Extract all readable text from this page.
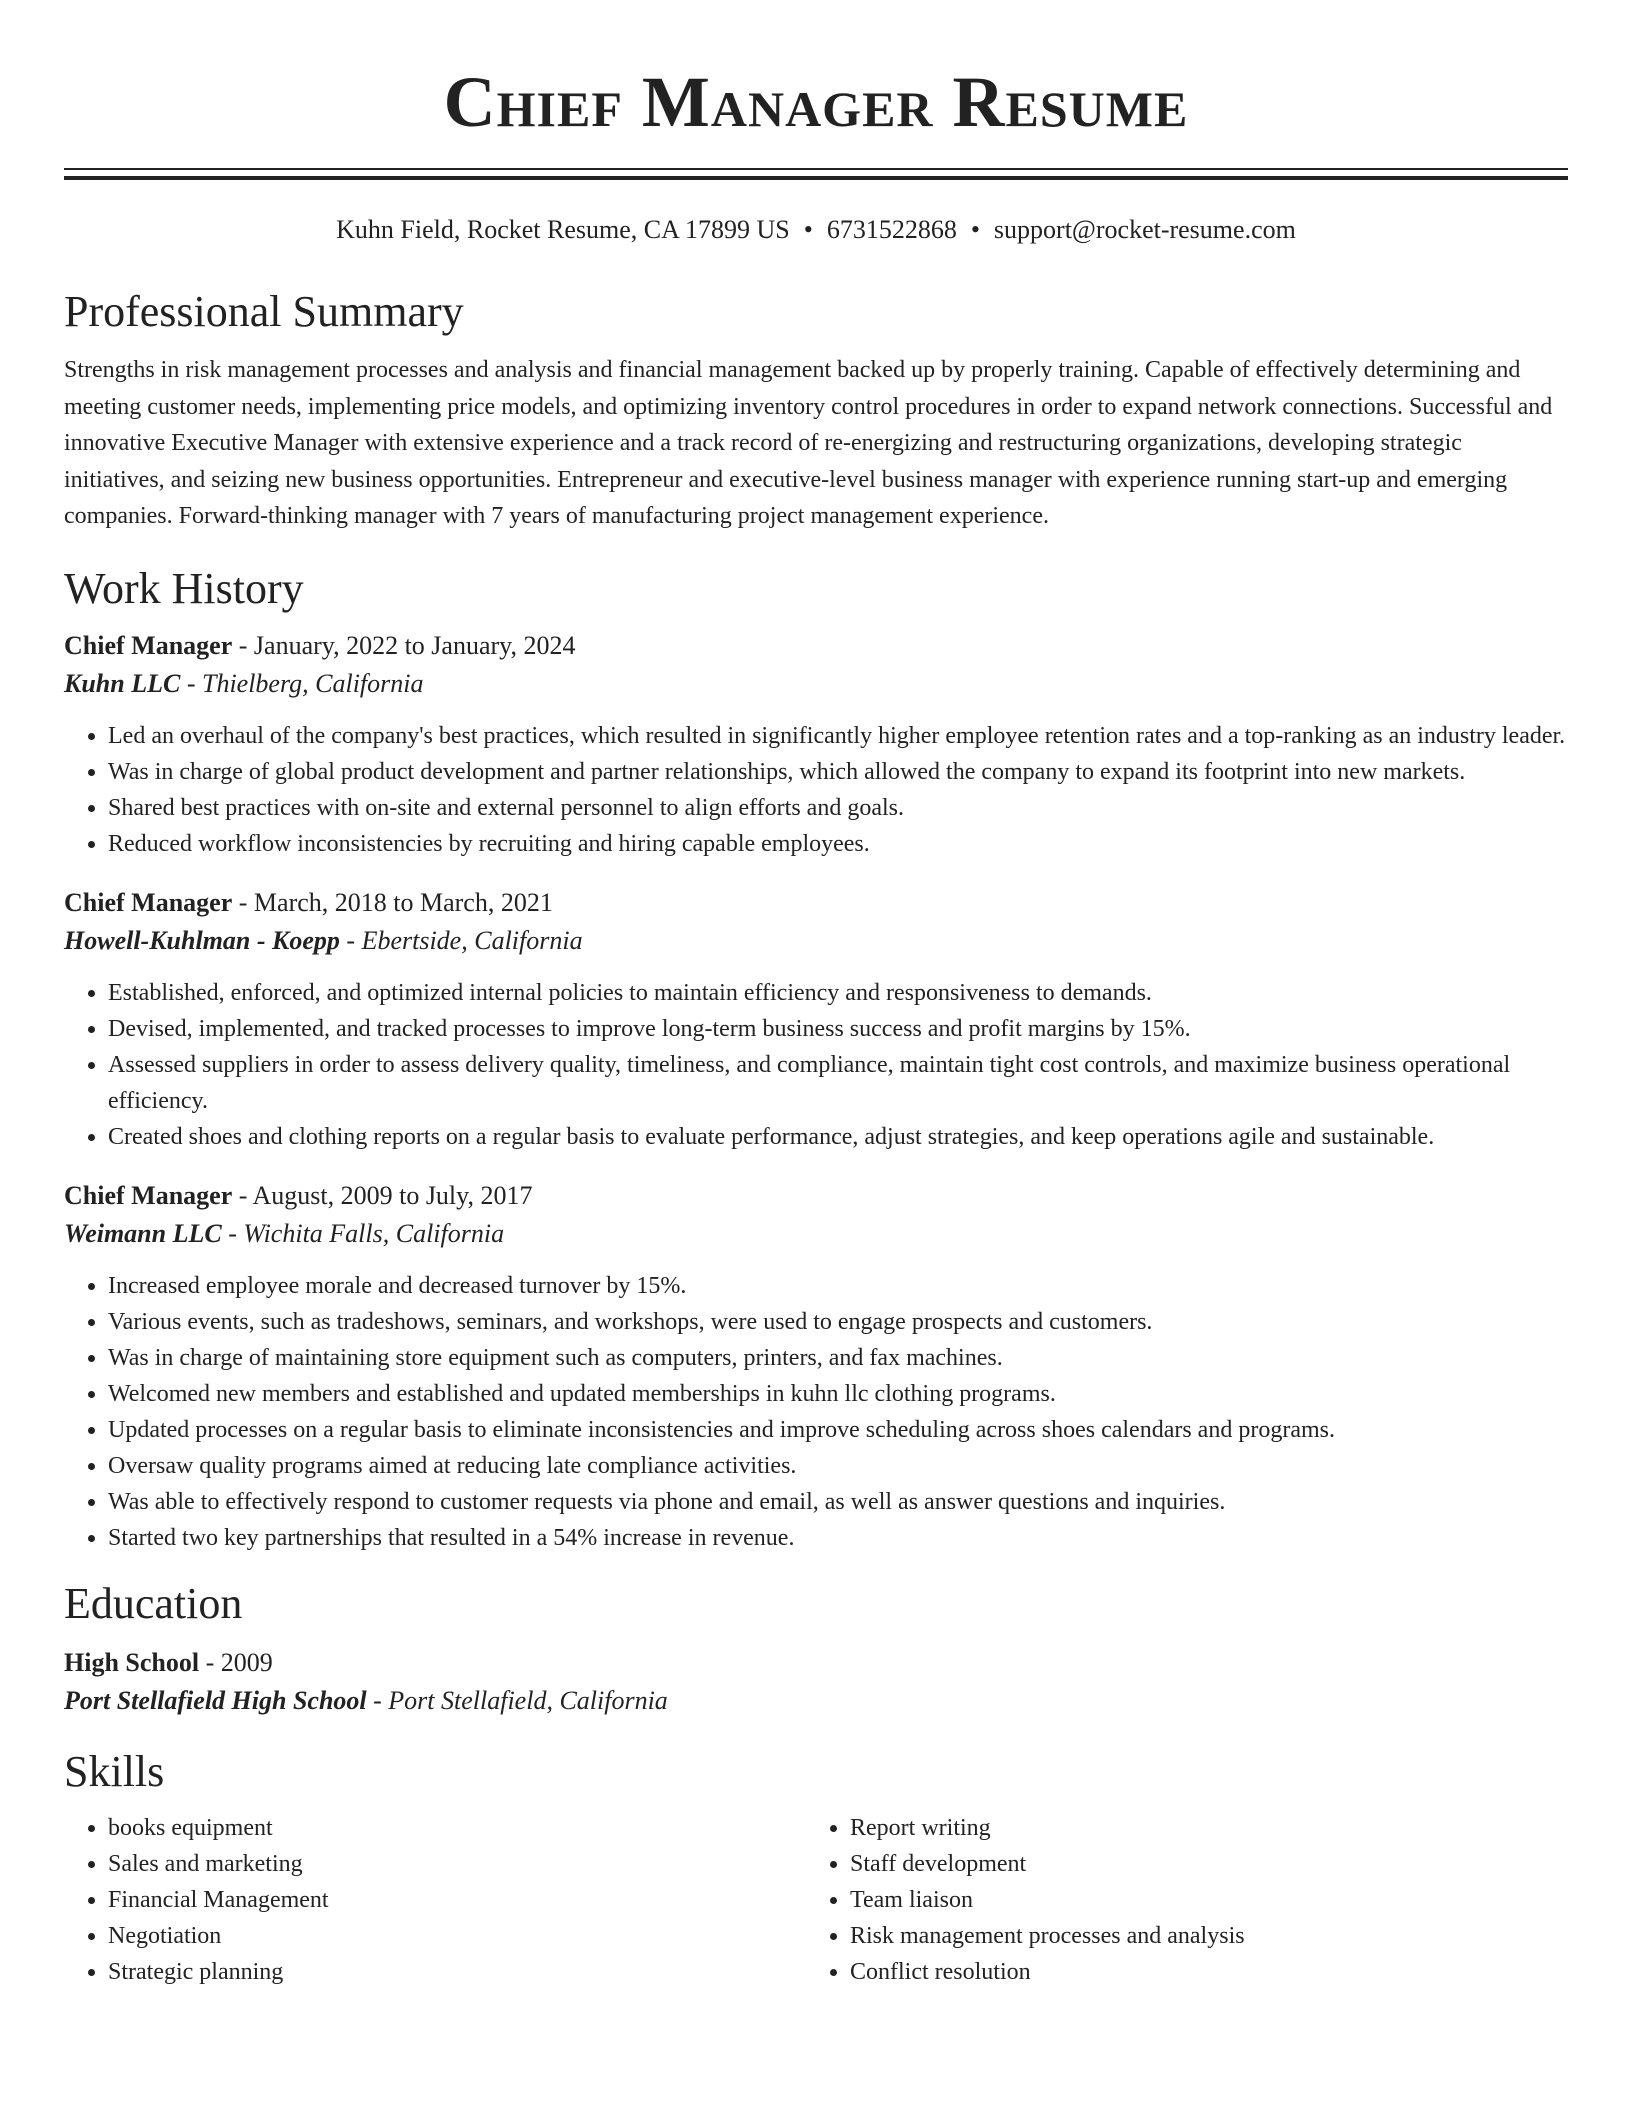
Chief Manager Resume
Kuhn Field, Rocket Resume, CA 17899 US • 6731522868 • support@rocket-resume.com
Professional Summary

Strengths in risk management processes and analysis and financial management backed up by properly training. Capable of effectively determining and meeting customer needs, implementing price models, and optimizing inventory control procedures in order to expand network connections. Successful and innovative Executive Manager with extensive experience and a track record of re-energizing and restructuring organizations, developing strategic initiatives, and seizing new business opportunities. Entrepreneur and executive-level business manager with experience running start-up and emerging companies. Forward-thinking manager with 7 years of manufacturing project management experience.

Work History
Chief Manager - January, 2022 to January, 2024
Kuhn LLC - Thielberg, California
• Led an overhaul of the company's best practices, which resulted in significantly higher employee retention rates and a top-ranking as an industry leader.
• Was in charge of global product development and partner relationships, which allowed the company to expand its footprint into new markets.
• Shared best practices with on-site and external personnel to align efforts and goals.
• Reduced workflow inconsistencies by recruiting and hiring capable employees.
Chief Manager - March, 2018 to March, 2021
Howell-Kuhlman - Koepp - Ebertside, California
• Established, enforced, and optimized internal policies to maintain efficiency and responsiveness to demands.
• Devised, implemented, and tracked processes to improve long-term business success and profit margins by 15%.
• Assessed suppliers in order to assess delivery quality, timeliness, and compliance, maintain tight cost controls, and maximize business operational efficiency.
• Created shoes and clothing reports on a regular basis to evaluate performance, adjust strategies, and keep operations agile and sustainable.
Chief Manager - August, 2009 to July, 2017
Weimann LLC - Wichita Falls, California
• Increased employee morale and decreased turnover by 15%.
• Various events, such as tradeshows, seminars, and workshops, were used to engage prospects and customers.
• Was in charge of maintaining store equipment such as computers, printers, and fax machines.
• Welcomed new members and established and updated memberships in kuhn llc clothing programs.
• Updated processes on a regular basis to eliminate inconsistencies and improve scheduling across shoes calendars and programs.
• Oversaw quality programs aimed at reducing late compliance activities.
• Was able to effectively respond to customer requests via phone and email, as well as answer questions and inquiries.
• Started two key partnerships that resulted in a 54% increase in revenue.
Education
High School - 2009
Port Stellafield High School - Port Stellafield, California
Skills
• books equipment
• Sales and marketing
• Financial Management
• Negotiation
• Strategic planning
• Report writing
• Staff development
• Team liaison
• Risk management processes and analysis
• Conflict resolution
